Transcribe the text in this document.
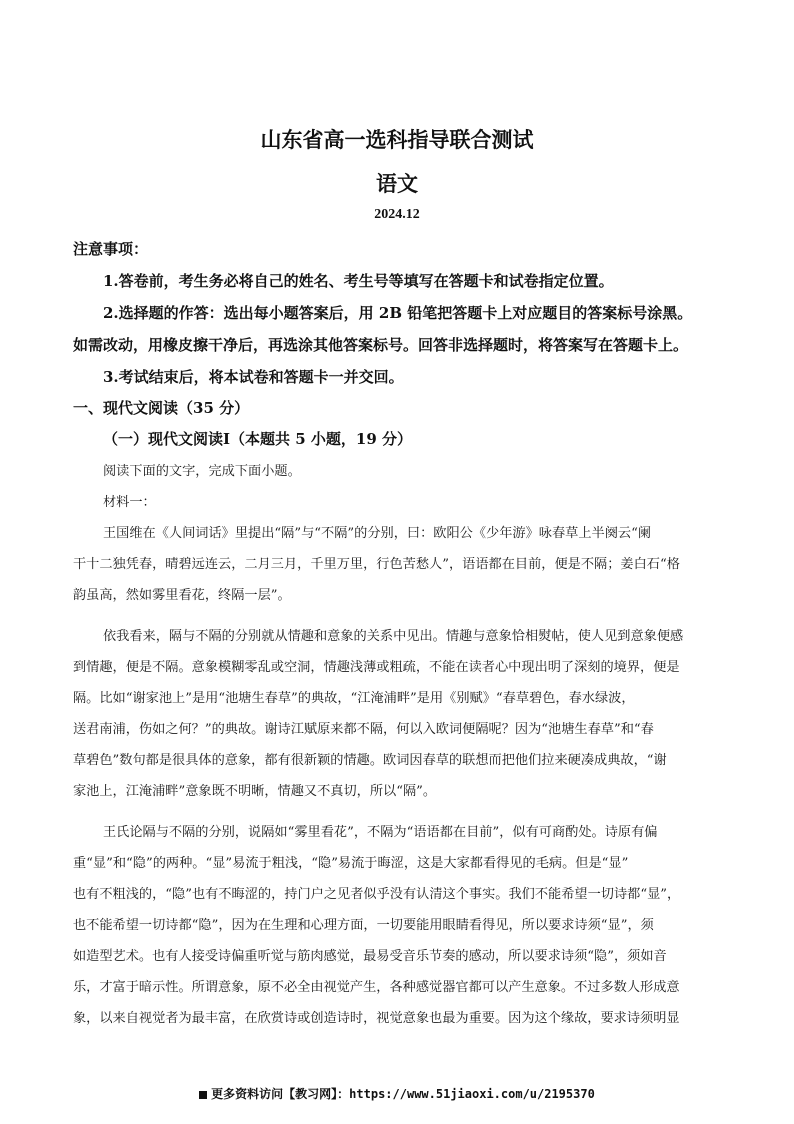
山东省高一选科指导联合测试
语文
2024.12

注意事项：

1.答卷前，考生务必将自己的姓名、考生号等填写在答题卡和试卷指定位置。

2.选择题的作答：选出每小题答案后，用 2B 铅笔把答题卡上对应题目的答案标号涂黑。

如需改动，用橡皮擦干净后，再选涂其他答案标号。回答非选择题时，将答案写在答题卡上。

3.考试结束后，将本试卷和答题卡一并交回。

一、现代文阅读（35 分）

（一）现代文阅读Ⅰ（本题共 5 小题，19 分）

阅读下面的文字，完成下面小题。

材料一：

王国维在《人间词话》里提出“隔”与“不隔”的分别，曰：欧阳公《少年游》咏春草上半阕云“阑

干十二独凭春，晴碧远连云，二月三月，千里万里，行色苦愁人”，语语都在目前，便是不隔；姜白石“格

韵虽高，然如雾里看花，终隔一层”。

依我看来，隔与不隔的分别就从情趣和意象的关系中见出。情趣与意象恰相熨帖，使人见到意象便感

到情趣，便是不隔。意象模糊零乱或空洞，情趣浅薄或粗疏，不能在读者心中现出明了深刻的境界，便是

隔。比如“谢家池上”是用“池塘生春草”的典故，“江淹浦畔”是用《别赋》“春草碧色，春水绿波，

送君南浦，伤如之何？”的典故。谢诗江赋原来都不隔，何以入欧词便隔呢？因为“池塘生春草”和“春

草碧色”数句都是很具体的意象，都有很新颖的情趣。欧词因春草的联想而把他们拉来硬凑成典故，“谢

家池上，江淹浦畔”意象既不明晰，情趣又不真切，所以“隔”。

王氏论隔与不隔的分别，说隔如“雾里看花”，不隔为“语语都在目前”，似有可商酌处。诗原有偏

重“显”和“隐”的两种。“显”易流于粗浅，“隐”易流于晦涩，这是大家都看得见的毛病。但是“显”

也有不粗浅的，“隐”也有不晦涩的，持门户之见者似乎没有认清这个事实。我们不能希望一切诗都“显”，

也不能希望一切诗都“隐”，因为在生理和心理方面，一切要能用眼睛看得见，所以要求诗须“显”，须

如造型艺术。也有人接受诗偏重听觉与筋肉感觉，最易受音乐节奏的感动，所以要求诗须“隐”，须如音

乐，才富于暗示性。所谓意象，原不必全由视觉产生，各种感觉器官都可以产生意象。不过多数人形成意

象，以来自视觉者为最丰富，在欣赏诗或创造诗时，视觉意象也最为重要。因为这个缘故，要求诗须明显

更多资料访问【教习网】：https://www.51jiaoxi.com/u/2195370
